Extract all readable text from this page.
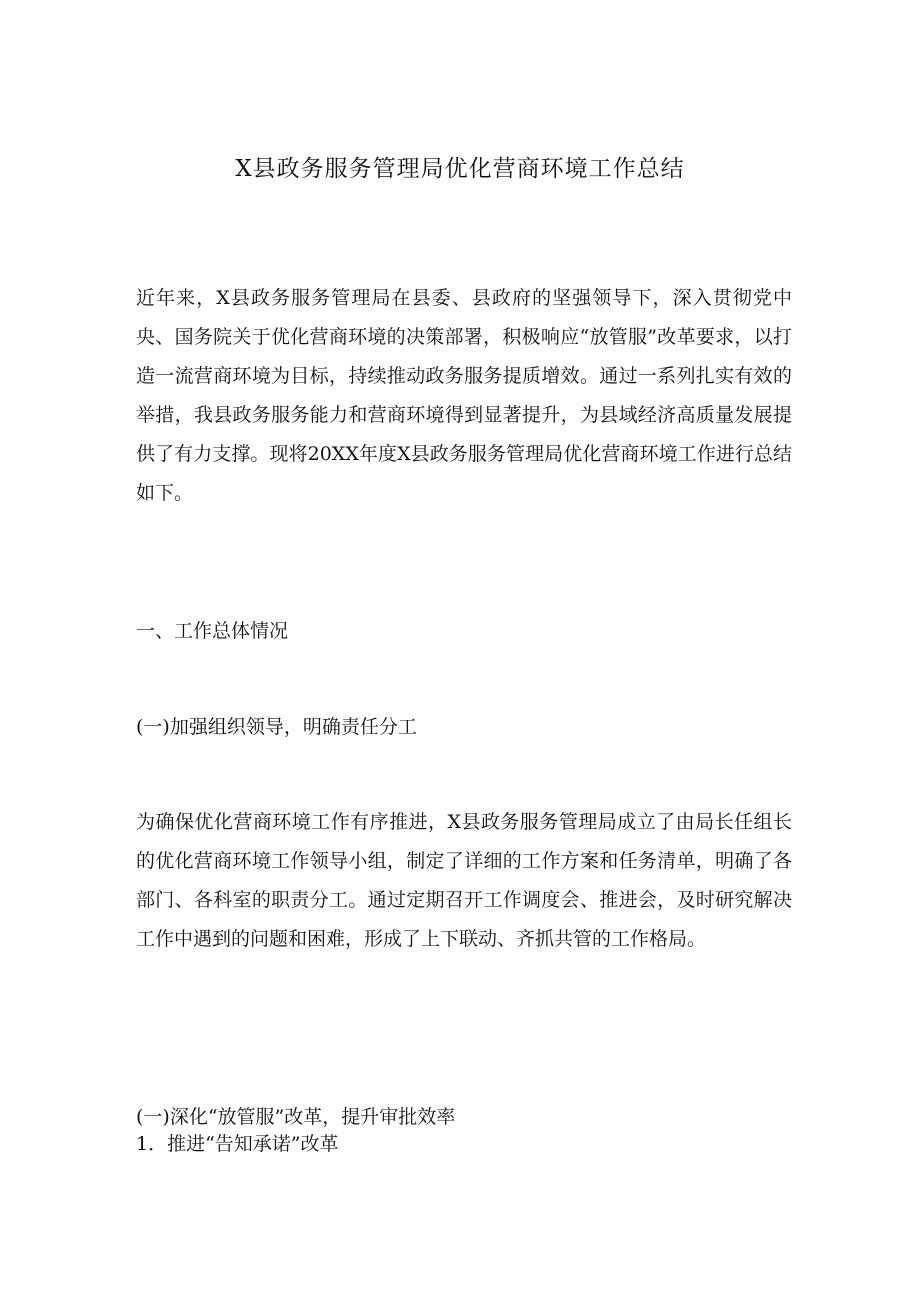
X县政务服务管理局优化营商环境工作总结

近年来，X县政务服务管理局在县委、县政府的坚强领导下，深入贯彻党中央、国务院关于优化营商环境的决策部署，积极响应“放管服”改革要求，以打造一流营商环境为目标，持续推动政务服务提质增效。通过一系列扎实有效的举措，我县政务服务能力和营商环境得到显著提升，为县域经济高质量发展提供了有力支撑。现将20XX年度X县政务服务管理局优化营商环境工作进行总结如下。

一、工作总体情况

(一)加强组织领导，明确责任分工

为确保优化营商环境工作有序推进，X县政务服务管理局成立了由局长任组长的优化营商环境工作领导小组，制定了详细的工作方案和任务清单，明确了各部门、各科室的职责分工。通过定期召开工作调度会、推进会，及时研究解决工作中遇到的问题和困难，形成了上下联动、齐抓共管的工作格局。

(一)深化“放管服”改革，提升审批效率

1．推进“告知承诺”改革
